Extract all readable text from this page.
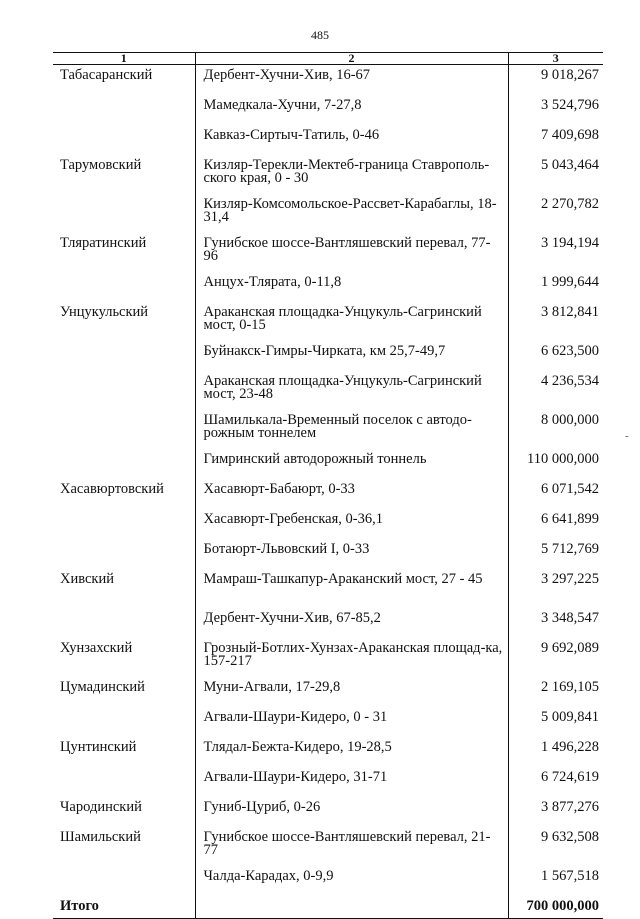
485
1	2	3
Табасаранский	Дербент-Хучни-Хив, 16-67	9 018,267
	Мамедкала-Хучни, 7-27,8	3 524,796
	Кавказ-Сиртыч-Татиль, 0-46	7 409,698
Тарумовский	Кизляр-Терекли-Мектеб-граница Ставрополь-ского края, 0 - 30	5 043,464
	Кизляр-Комсомольское-Рассвет-Карабаглы, 18-31,4	2 270,782
Тляратинский	Гунибское шоссе-Вантляшевский перевал, 77-96	3 194,194
	Анцух-Тлярата, 0-11,8	1 999,644
Унцукульский	Араканская площадка-Унцукуль-Сагринский мост, 0-15	3 812,841
	Буйнакск-Гимры-Чирката, км 25,7-49,7	6 623,500
	Араканская площадка-Унцукуль-Сагринский мост, 23-48	4 236,534
	Шамилькала-Временный поселок с автодо-рожным тоннелем	8 000,000
	Гимринский автодорожный тоннель	110 000,000
Хасавюртовский	Хасавюрт-Бабаюрт, 0-33	6 071,542
	Хасавюрт-Гребенская, 0-36,1	6 641,899
	Ботаюрт-Львовский I, 0-33	5 712,769
Хивский	Мамраш-Ташкапур-Араканский мост, 27 - 45	3 297,225
	Дербент-Хучни-Хив, 67-85,2	3 348,547
Хунзахский	Грозный-Ботлих-Хунзах-Араканская площад-ка, 157-217	9 692,089
Цумадинский	Муни-Агвали, 17-29,8	2 169,105
	Агвали-Шаури-Кидеро, 0 - 31	5 009,841
Цунтинский	Тлядал-Бежта-Кидеро, 19-28,5	1 496,228
	Агвали-Шаури-Кидеро, 31-71	6 724,619
Чародинский	Гуниб-Цуриб, 0-26	3 877,276
Шамильский	Гунибское шоссе-Вантляшевский перевал, 21-77	9 632,508
	Чалда-Карадах, 0-9,9	1 567,518
Итого		700 000,000
-
